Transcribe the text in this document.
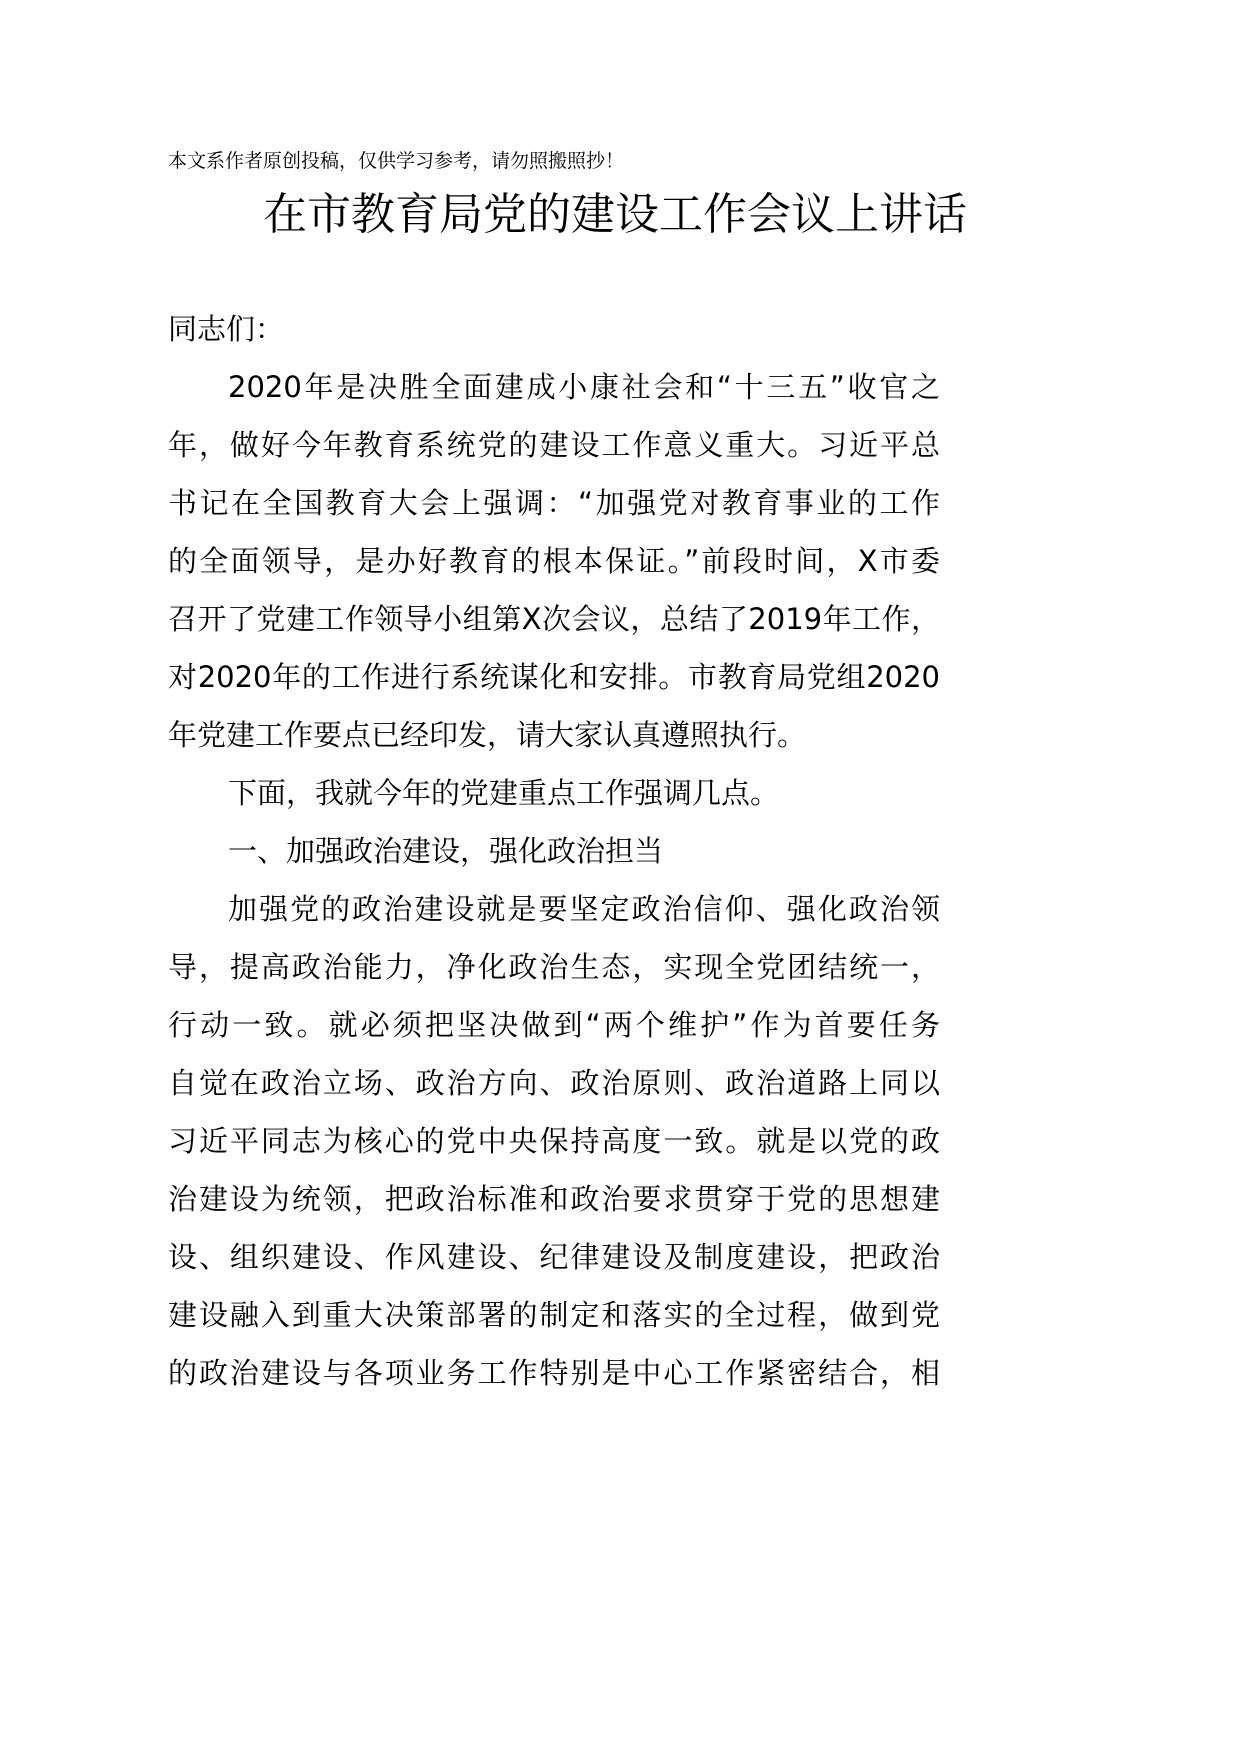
本文系作者原创投稿，仅供学习参考，请勿照搬照抄！
在市教育局党的建设工作会议上讲话
同志们：
2020年是决胜全面建成小康社会和“十三五”收官之
年，做好今年教育系统党的建设工作意义重大。习近平总
书记在全国教育大会上强调：“加强党对教育事业的工作
的全面领导，是办好教育的根本保证。”前段时间，X市委
召开了党建工作领导小组第X次会议，总结了2019年工作，
对2020年的工作进行系统谋化和安排。市教育局党组2020
年党建工作要点已经印发，请大家认真遵照执行。
下面，我就今年的党建重点工作强调几点。
一、加强政治建设，强化政治担当
加强党的政治建设就是要坚定政治信仰、强化政治领
导，提高政治能力，净化政治生态，实现全党团结统一，
行动一致。就必须把坚决做到“两个维护”作为首要任务
自觉在政治立场、政治方向、政治原则、政治道路上同以
习近平同志为核心的党中央保持高度一致。就是以党的政
治建设为统领，把政治标准和政治要求贯穿于党的思想建
设、组织建设、作风建设、纪律建设及制度建设，把政治
建设融入到重大决策部署的制定和落实的全过程，做到党
的政治建设与各项业务工作特别是中心工作紧密结合，相
